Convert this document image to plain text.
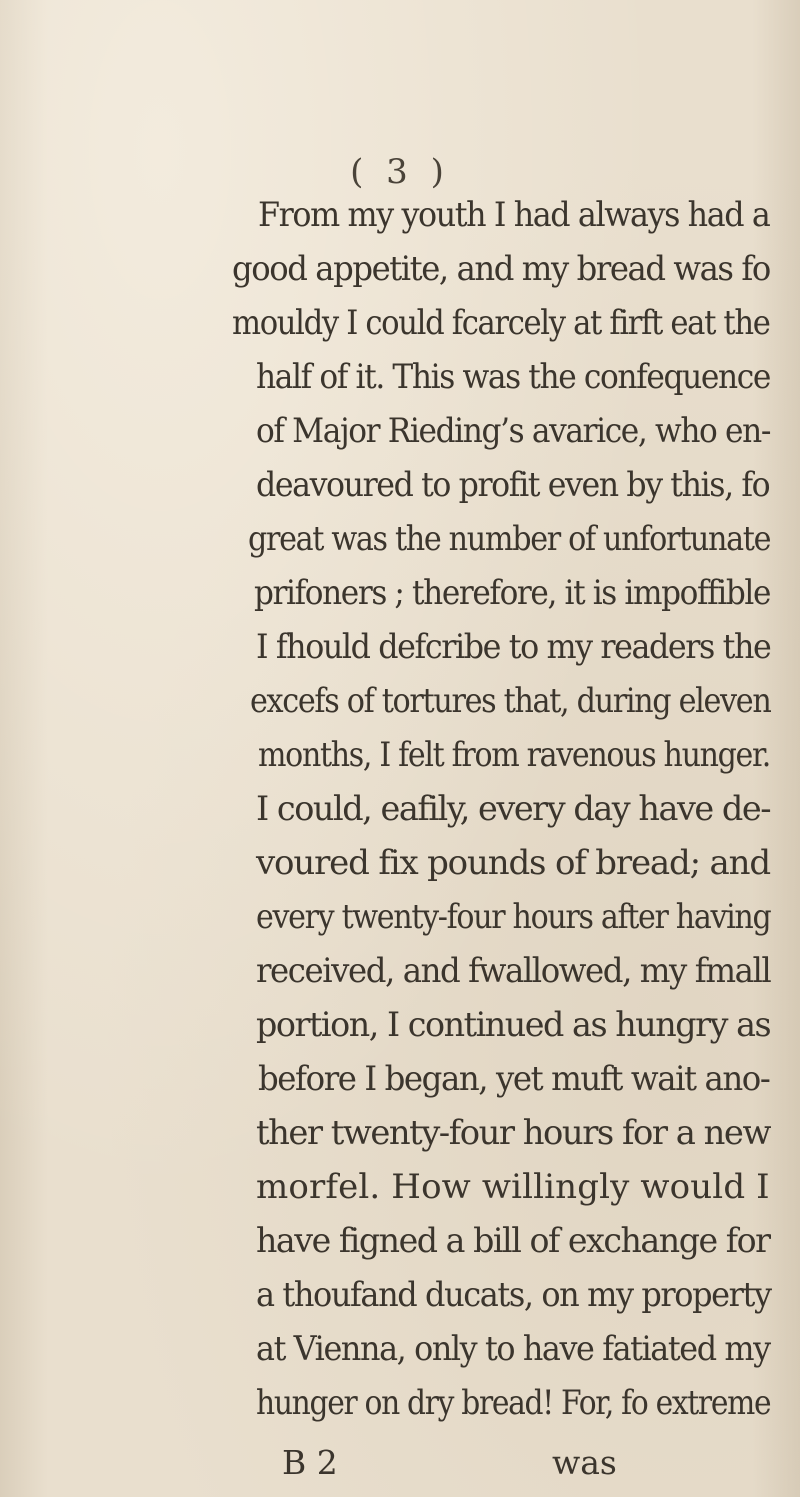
( 3 )
From my youth I had always had a
good appetite, and my bread was fo
mouldy I could fcarcely at firft eat the
half of it. This was the confequence
of Major Rieding’s avarice, who en-
deavoured to profit even by this, fo
great was the number of unfortunate
prifoners ; therefore, it is impoffible
I fhould defcribe to my readers the
excefs of tortures that, during eleven
months, I felt from ravenous hunger.
I could, eafily, every day have de-
voured fix pounds of bread; and
every twenty-four hours after having
received, and fwallowed, my fmall
portion, I continued as hungry as
before I began, yet muft wait ano-
ther twenty-four hours for a new
morfel. How willingly would I
have figned a bill of exchange for
a thoufand ducats, on my property
at Vienna, only to have fatiated my
hunger on dry bread! For, fo extreme
B 2	was
